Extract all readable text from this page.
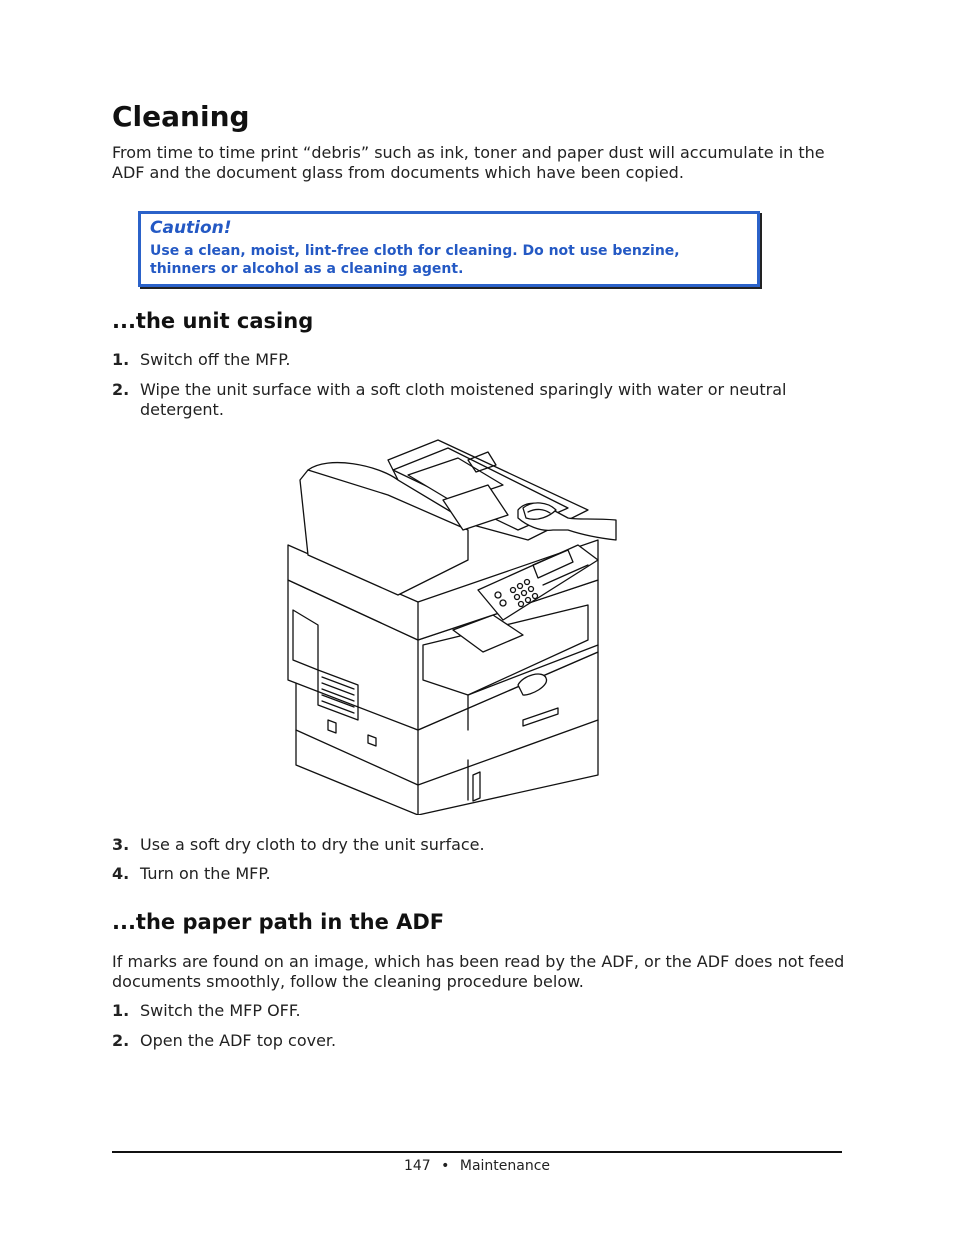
Cleaning

From time to time print “debris” such as ink, toner and paper dust will accumulate in the ADF and the document glass from documents which have been copied.

Caution!
Use a clean, moist, lint-free cloth for cleaning. Do not use benzine, thinners or alcohol as a cleaning agent.
...the unit casing
1. Switch off the MFP.
2. Wipe the unit surface with a soft cloth moistened sparingly with water or neutral detergent.
3. Use a soft dry cloth to dry the unit surface.
4. Turn on the MFP.
...the paper path in the ADF

If marks are found on an image, which has been read by the ADF, or the ADF does not feed documents smoothly, follow the cleaning procedure below.

1. Switch the MFP OFF.
2. Open the ADF top cover.
147 • Maintenance
